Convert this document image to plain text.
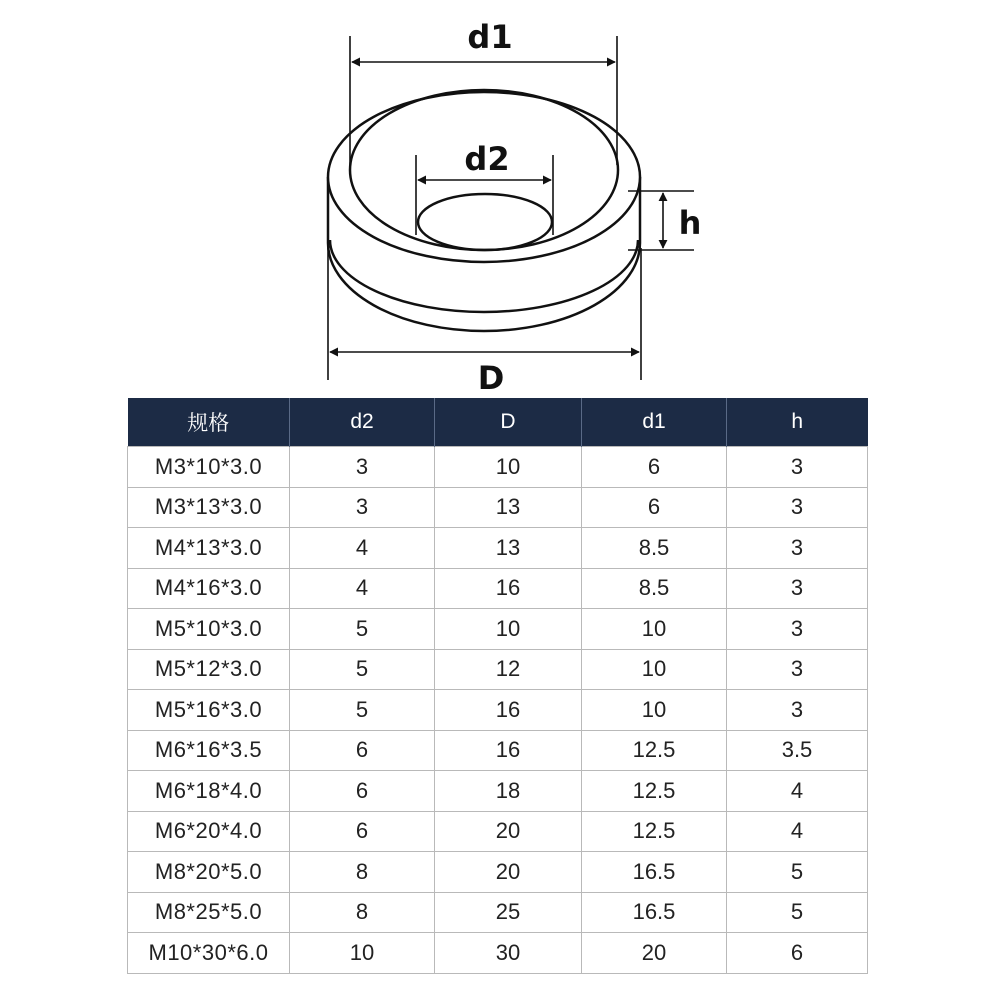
d1
d2
h
D
规格	d2	D	d1	h
M3*10*3.0	3	10	6	3
M3*13*3.0	3	13	6	3
M4*13*3.0	4	13	8.5	3
M4*16*3.0	4	16	8.5	3
M5*10*3.0	5	10	10	3
M5*12*3.0	5	12	10	3
M5*16*3.0	5	16	10	3
M6*16*3.5	6	16	12.5	3.5
M6*18*4.0	6	18	12.5	4
M6*20*4.0	6	20	12.5	4
M8*20*5.0	8	20	16.5	5
M8*25*5.0	8	25	16.5	5
M10*30*6.0	10	30	20	6
